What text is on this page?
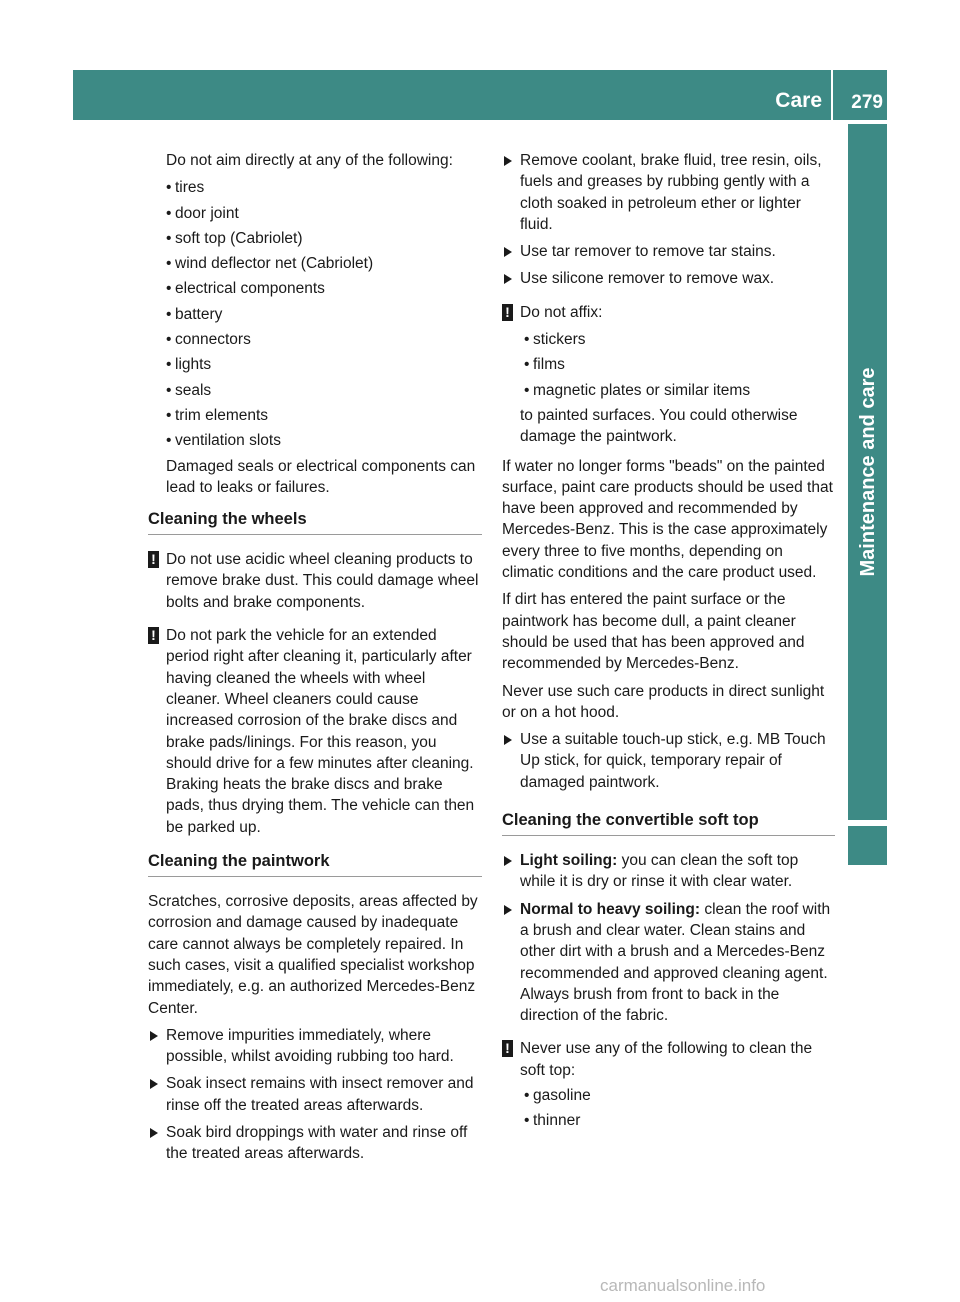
Care 279
Maintenance and care

Do not aim directly at any of the following:

• tires
• door joint
• soft top (Cabriolet)
• wind deflector net (Cabriolet)
• electrical components
• battery
• connectors
• lights
• seals
• trim elements
• ventilation slots

Damaged seals or electrical components can lead to leaks or failures.

Cleaning the wheels
! Do not use acidic wheel cleaning products to remove brake dust. This could damage wheel bolts and brake components.
! Do not park the vehicle for an extended period right after cleaning it, particularly after having cleaned the wheels with wheel cleaner. Wheel cleaners could cause increased corrosion of the brake discs and brake pads/linings. For this reason, you should drive for a few minutes after cleaning. Braking heats the brake discs and brake pads, thus drying them. The vehicle can then be parked up.
Cleaning the paintwork

Scratches, corrosive deposits, areas affected by corrosion and damage caused by inadequate care cannot always be completely repaired. In such cases, visit a qualified specialist workshop immediately, e.g. an authorized Mercedes-Benz Center.

Remove impurities immediately, where possible, whilst avoiding rubbing too hard.
Soak insect remains with insect remover and rinse off the treated areas afterwards.
Soak bird droppings with water and rinse off the treated areas afterwards.
Remove coolant, brake fluid, tree resin, oils, fuels and greases by rubbing gently with a cloth soaked in petroleum ether or lighter fluid.
Use tar remover to remove tar stains.
Use silicone remover to remove wax.
! Do not affix:
• stickers
• films
• magnetic plates or similar items

to painted surfaces. You could otherwise damage the paintwork.

If water no longer forms "beads" on the painted surface, paint care products should be used that have been approved and recommended by Mercedes-Benz. This is the case approximately every three to five months, depending on climatic conditions and the care product used.

If dirt has entered the paint surface or the paintwork has become dull, a paint cleaner should be used that has been approved and recommended by Mercedes-Benz.

Never use such care products in direct sunlight or on a hot hood.

Use a suitable touch-up stick, e.g. MB Touch Up stick, for quick, temporary repair of damaged paintwork.
Cleaning the convertible soft top
Light soiling: you can clean the soft top while it is dry or rinse it with clear water.
Normal to heavy soiling: clean the roof with a brush and clear water. Clean stains and other dirt with a brush and a Mercedes-Benz recommended and approved cleaning agent. Always brush from front to back in the direction of the fabric.
! Never use any of the following to clean the soft top:
• gasoline
• thinner
carmanualsonline.info
